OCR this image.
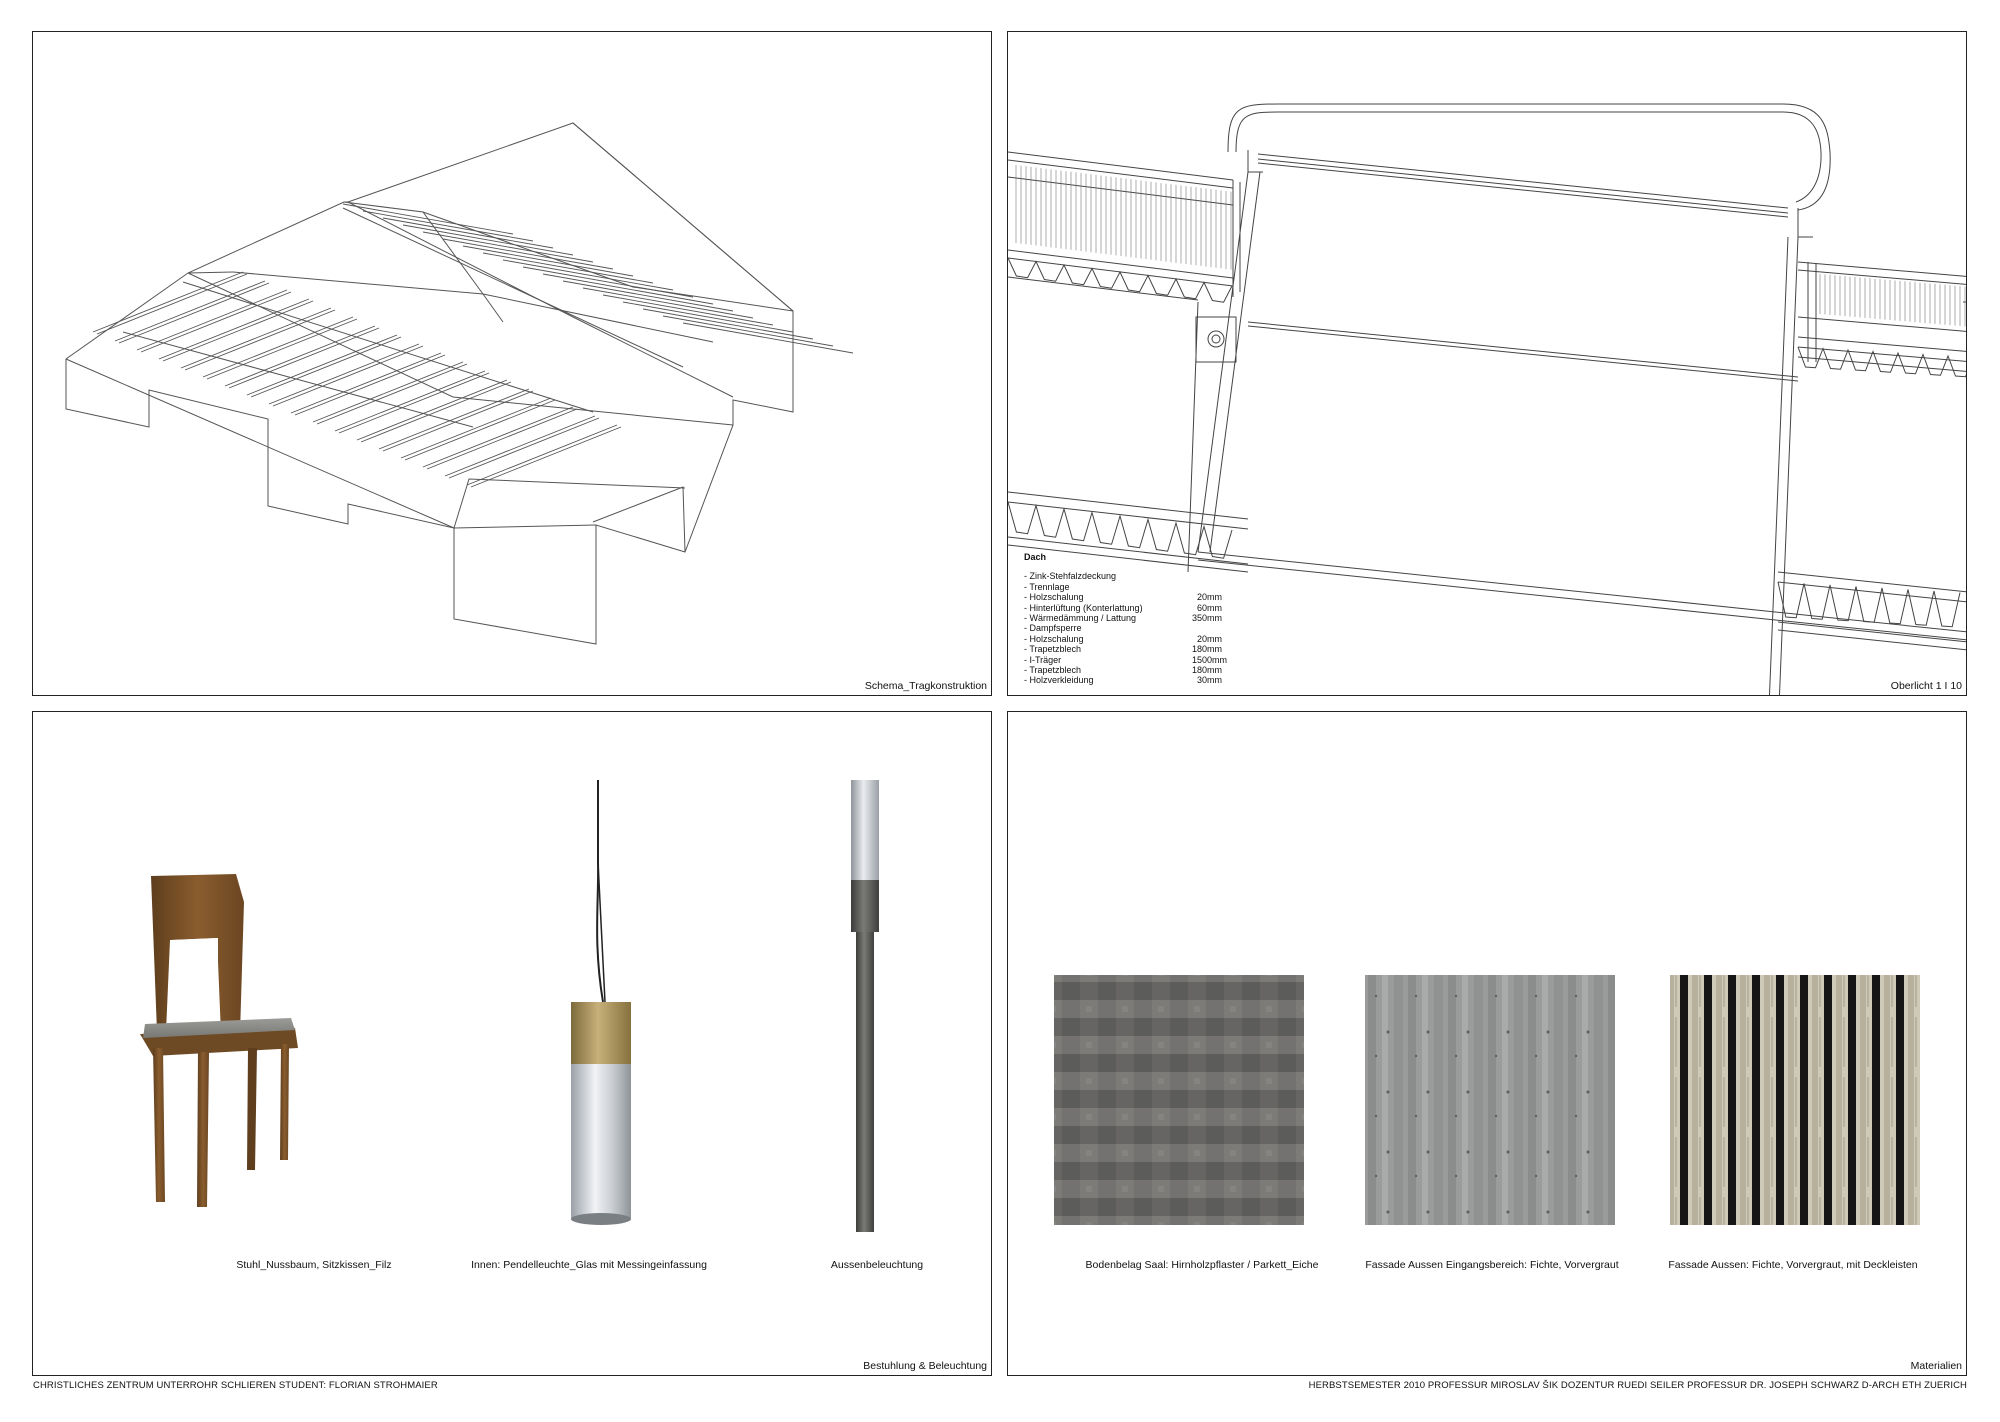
Schema_Tragkonstruktion
Dach
- Zink-Stehfalzdeckung
- Trennlage
- Holzschalung	20mm
- Hinterlüftung (Konterlattung)	60mm
- Wärmedämmung / Lattung	350mm
- Dampfsperre
- Holzschalung	20mm
- Trapetzblech	180mm
- I-Träger	1500mm
- Trapetzblech	180mm
- Holzverkleidung	30mm	Oberlicht 1 I 10
Stuhl_Nussbaum, Sitzkissen_Filz	Innen: Pendelleuchte_Glas mit Messingeinfassung	Aussenbeleuchtung
Bestuhlung & Beleuchtung
Bodenbelag Saal: Hirnholzpflaster / Parkett_Eiche	Fassade Aussen Eingangsbereich: Fichte, Vorvergraut	Fassade Aussen: Fichte, Vorvergraut, mit Deckleisten
Materialien
CHRISTLICHES ZENTRUM UNTERROHR SCHLIEREN STUDENT: FLORIAN STROHMAIER	HERBSTSEMESTER 2010 PROFESSUR MIROSLAV ŠIK DOZENTUR RUEDI SEILER PROFESSUR DR. JOSEPH SCHWARZ D-ARCH ETH ZUERICH
